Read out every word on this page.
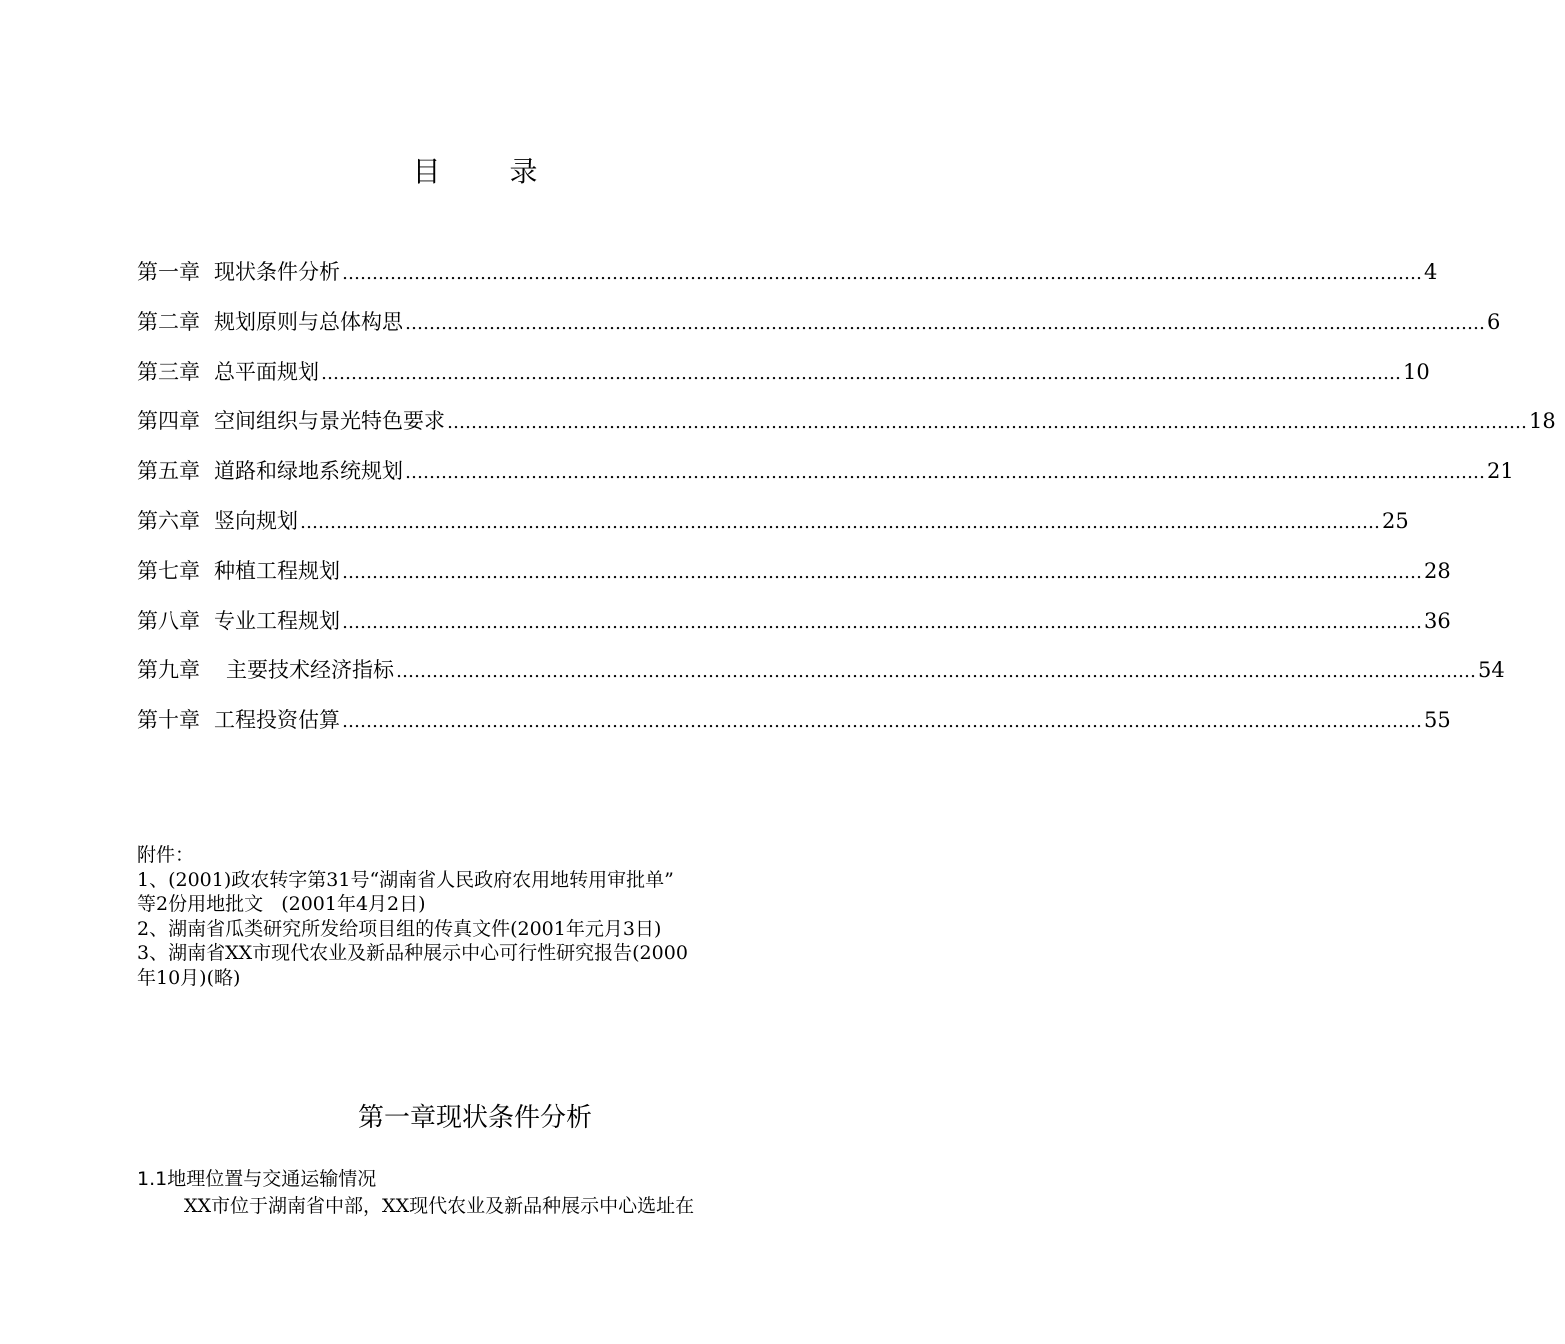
目 录
第一章 现状条件分析 ……………………………………………………………………………………………………………………………………………………………… 4
第二章 规划原则与总体构思 ……………………………………………………………………………………………………………………………………………………………… 6
第三章 总平面规划 ……………………………………………………………………………………………………………………………………………………………… 10
第四章 空间组织与景光特色要求 ……………………………………………………………………………………………………………………………………………………………… 18
第五章 道路和绿地系统规划 ……………………………………………………………………………………………………………………………………………………………… 21
第六章 竖向规划 ……………………………………………………………………………………………………………………………………………………………… 25
第七章 种植工程规划 ……………………………………………………………………………………………………………………………………………………………… 28
第八章 专业工程规划 ……………………………………………………………………………………………………………………………………………………………… 36
第九章 主要技术经济指标 ……………………………………………………………………………………………………………………………………………………………… 54
第十章 工程投资估算 ……………………………………………………………………………………………………………………………………………………………… 55

附件：

1、(2001)政农转字第31号“湖南省人民政府农用地转用审批单”

等2份用地批文   (2001年4月2日)

2、湖南省瓜类研究所发给项目组的传真文件(2001年元月3日)

3、湖南省XX市现代农业及新品种展示中心可行性研究报告(2000

年10月)(略)

第一章现状条件分析
1.1地理位置与交通运输情况
XX市位于湖南省中部，XX现代农业及新品种展示中心选址在
